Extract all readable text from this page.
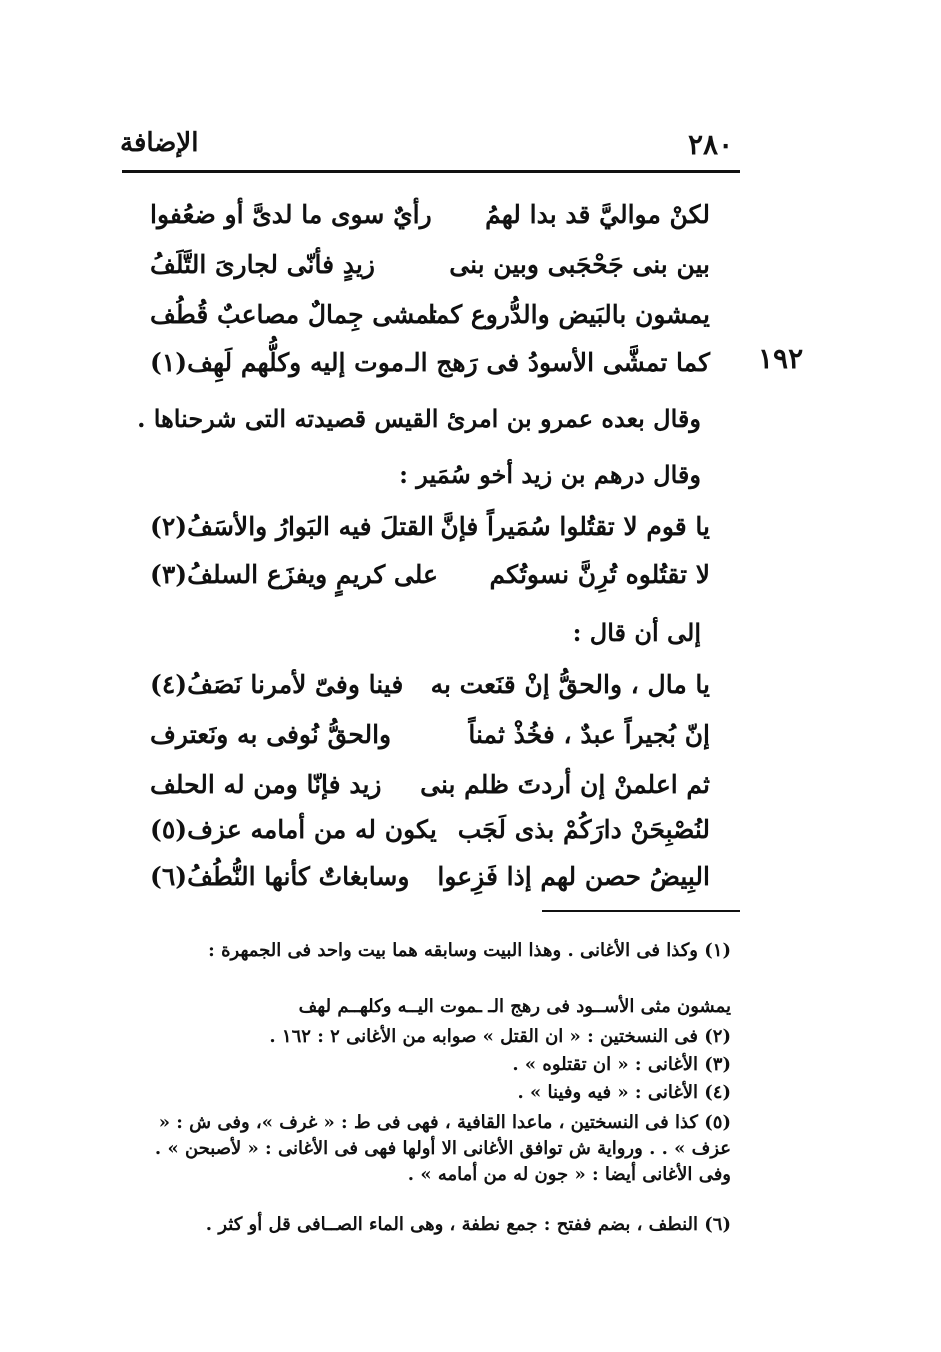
٢٨٠
الإضافة
١٩٢
لكنْ مواليَّ قد بدا لهمُ
رأيٌ سوى ما لدىَّ أو ضعُفوا
بين بنى جَحْجَبى وبين بنى
زيدٍ فأنّى لجارىَ التَّلَفُ
يمشون بالبَيض والدُّروع كما
تمشى جِمالٌ مصاعبٌ قُطُف
كما تمشَّى الأسودُ فى رَهج الـ
موت إليه وكلُّهم لَهِف(١)
وقال بعده عمرو بن امرئ القيس قصيدته التى شرحناها .
وقال درهم بن زيد أخو سُمَير :
يا قوم لا تقتُلوا سُمَيراً فإنَّ
القتلَ فيه البَوارُ والأسَفُ(٢)
لا تقتُلوه تُرِنَّ نسوتُكم
على كريمٍ ويفزَع السلفُ(٣)
إلى أن قال :
يا مال ، والحقُّ إنْ قنَعت به
فينا وفىّ لأمرنا نَصَفُ(٤)
إنّ بُجيراً عبدٌ ، فخُذْ ثمناً
والحقُّ نُوفى به ونَعترف
ثم اعلمنْ إن أردتَ ظلم بنى
زيد فإنّا ومن له الحلف
لنُصْبِحَنْ دارَكُمْ بذى لَجَب
يكون له من أمامه عزف(٥)
البِيضُ حصن لهم إذا فَزِعوا
وسابغاتٌ كأنها النُّطُفُ(٦)
(١) وكذا فى الأغانى . وهذا البيت وسابقه هما بيت واحد فى الجمهرة :
يمشون مثى الأســود فى رهج الـ ـموت اليــه وكلهــم لهف
(٢) فى النسختين : « ان القتل » صوابه من الأغانى ٢ : ١٦٢ .
(٣) الأغانى : « ان تقتلوه » .
(٤) الأغانى : « فيه وفينا » .
(٥) كذا فى النسختين ، ماعدا القافية ، فهى فى ط : « غرف »، وفى ش : « عزف » . . ورواية ش توافق الأغانى الا أولها فهى فى الأغانى : « لأصبحن » . وفى الأغانى أيضا : « جون له من أمامه » .
(٦) النطف ، بضم ففتح : جمع نطفة ، وهى الماء الصــافى قل أو كثر .
